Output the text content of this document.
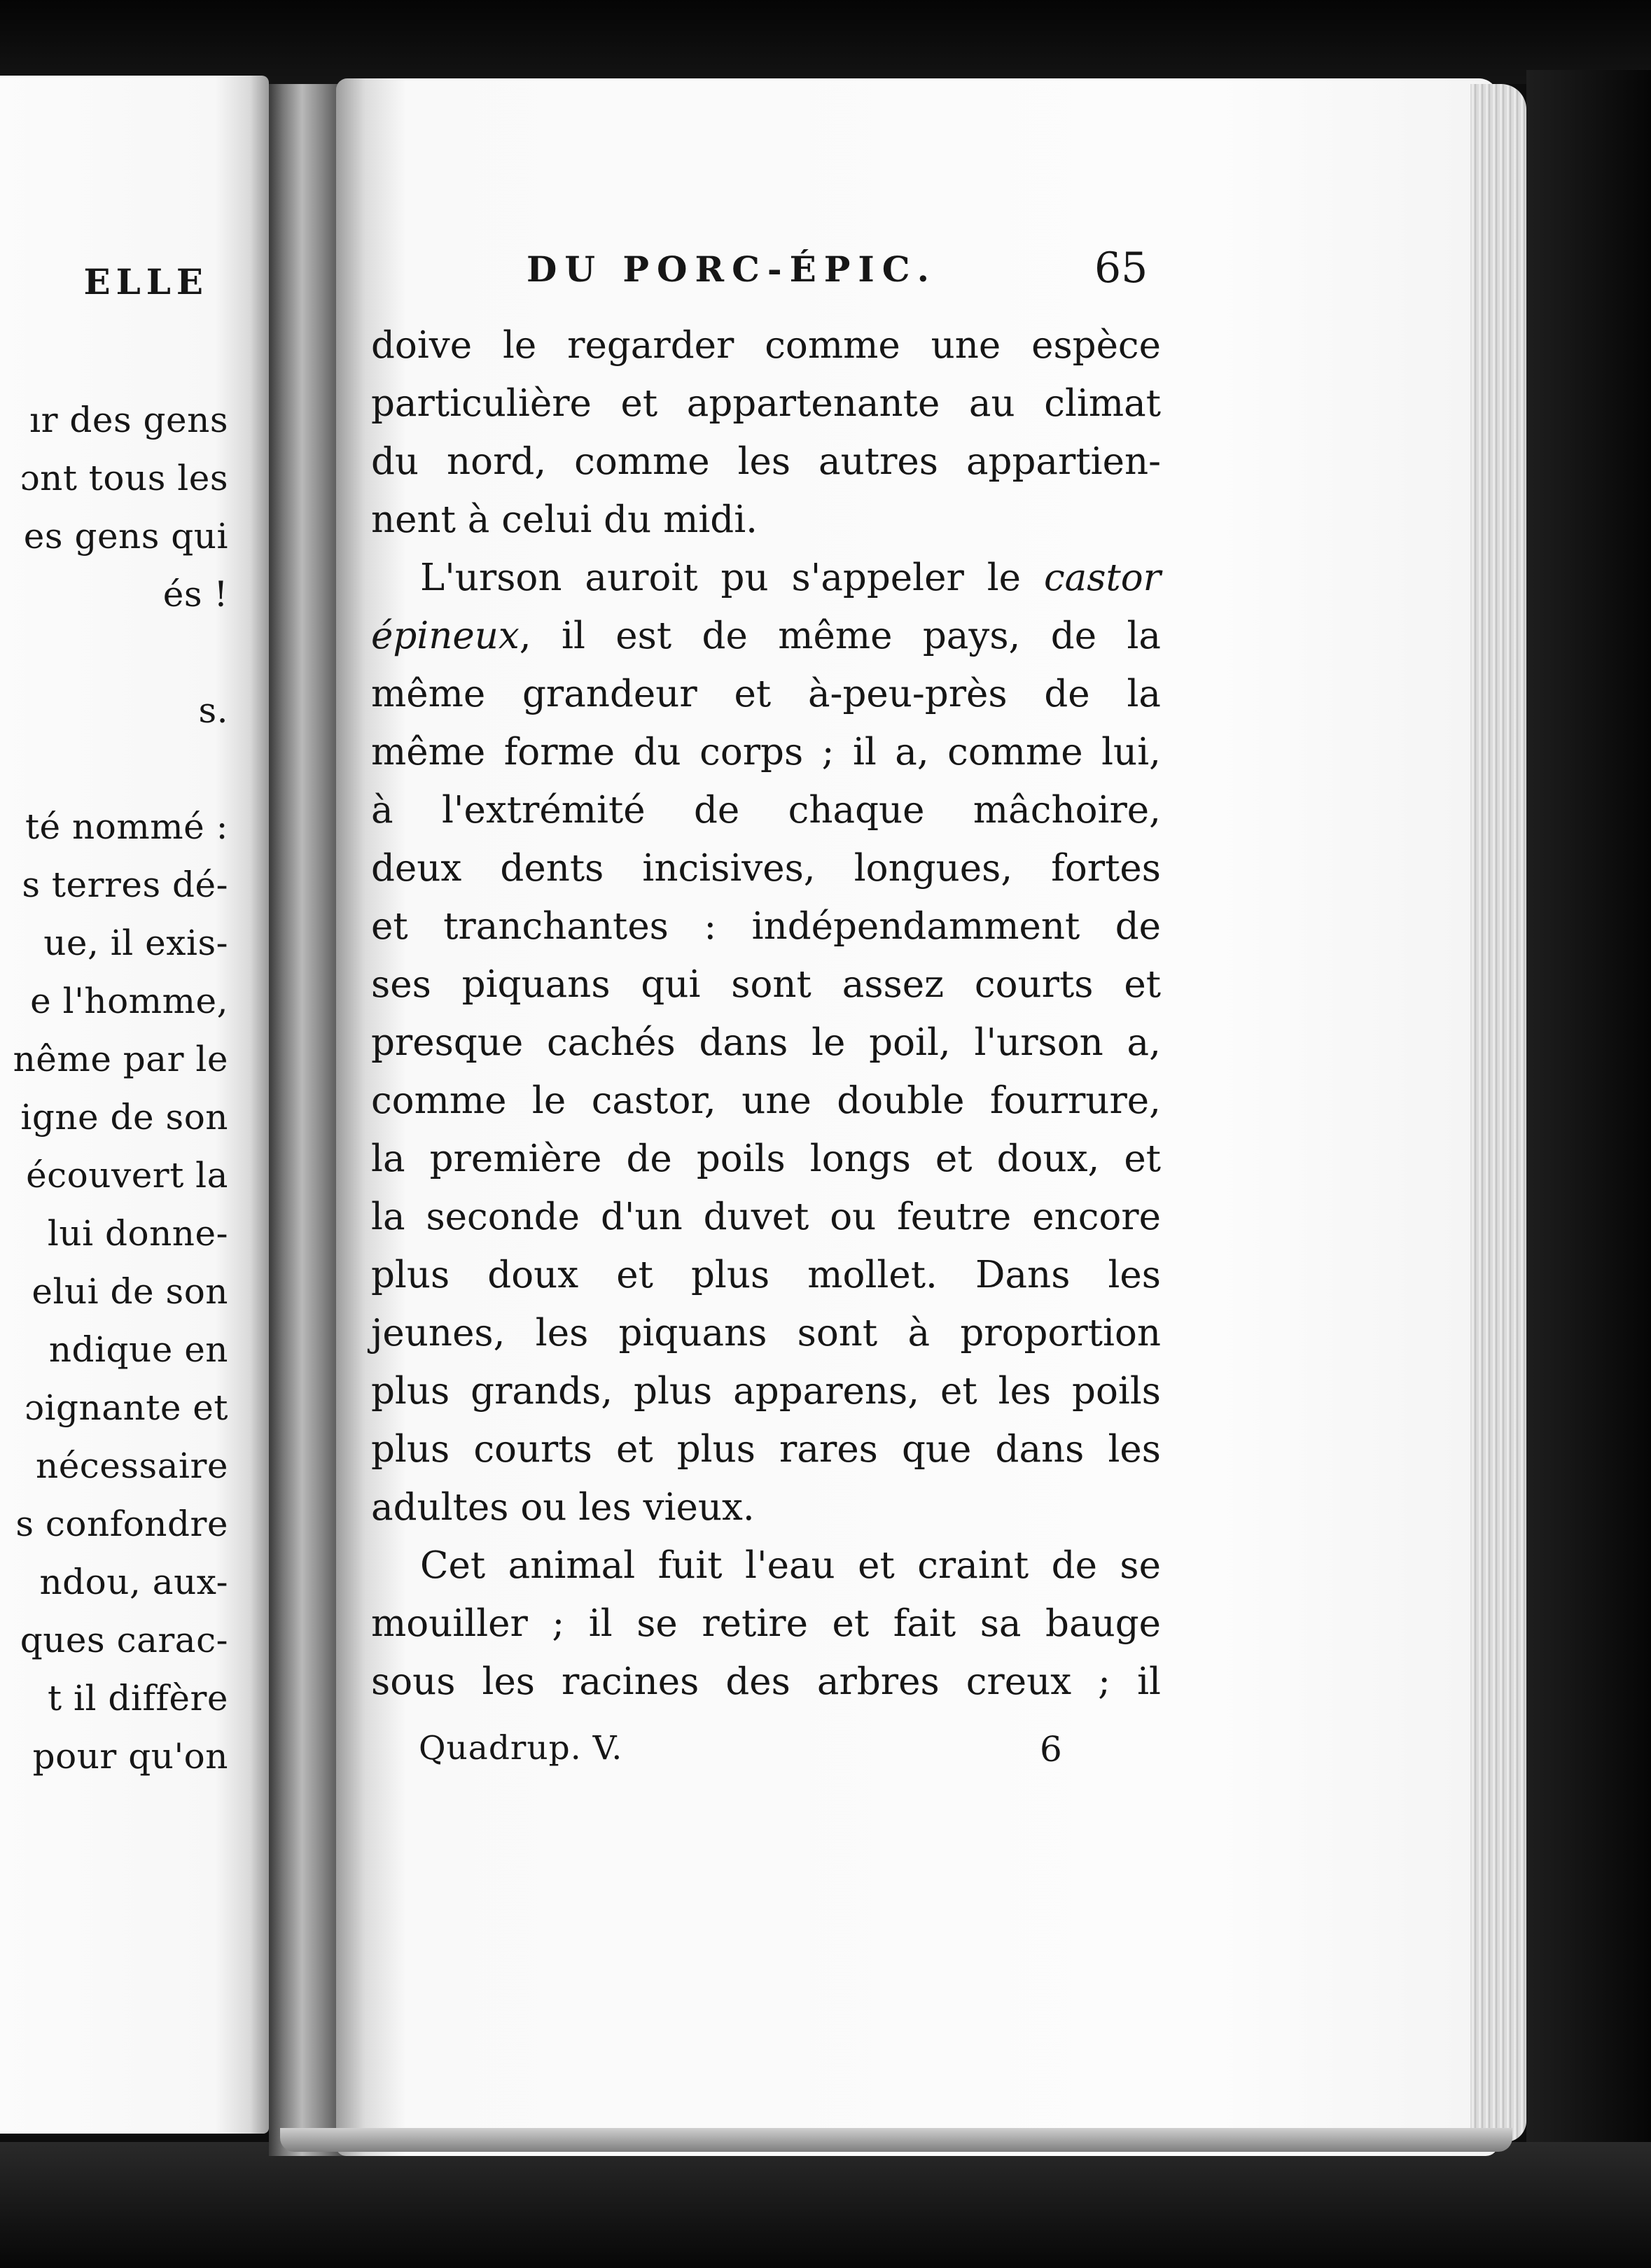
ELLE
ır des gens
ɔnt tous les
es gens qui
és !
s.
té nommé :
s terres dé-
ue, il exis-
e l'homme,
nême par le
igne de son
écouvert la
lui donne-
elui de son
ndique en
ɔignante et
nécessaire
s confondre
ndou, aux-
ques carac-
t il diffère
pour qu'on
DU PORC-ÉPIC.	65
doive le regarder comme une espèce
particulière et appartenante au climat
du nord, comme les autres appartien-
nent à celui du midi.
L'urson auroit pu s'appeler le castor
épineux, il est de même pays, de la
même grandeur et à-peu-près de la
même forme du corps ; il a, comme lui,
à l'extrémité de chaque mâchoire,
deux dents incisives, longues, fortes
et tranchantes : indépendamment de
ses piquans qui sont assez courts et
presque cachés dans le poil, l'urson a,
comme le castor, une double fourrure,
la première de poils longs et doux, et
la seconde d'un duvet ou feutre encore
plus doux et plus mollet. Dans les
jeunes, les piquans sont à proportion
plus grands, plus apparens, et les poils
plus courts et plus rares que dans les
adultes ou les vieux.
Cet animal fuit l'eau et craint de se
mouiller ; il se retire et fait sa bauge
sous les racines des arbres creux ; il
Quadrup. V.	6
